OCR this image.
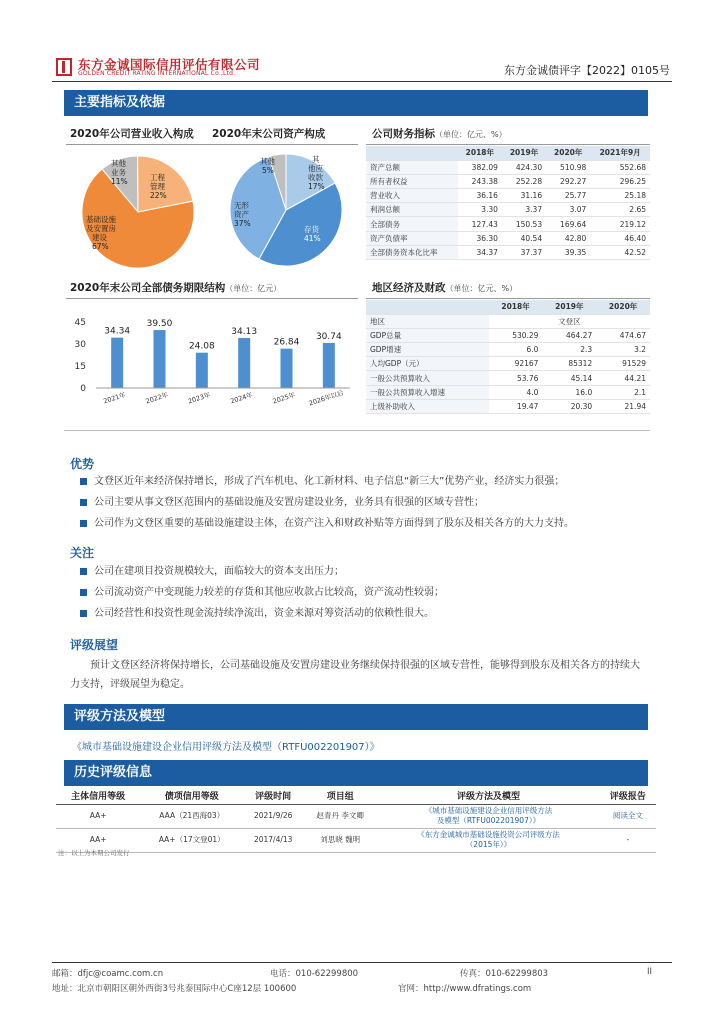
东方金诚国际信用评估有限公司
GOLDEN CREDIT RATING INTERNATIONAL Co.,Ltd.	东方金诚债评字【2022】0105号
主要指标及依据
2020年公司营业收入构成 2020年末公司资产构成
其他业务 11%	工程管理 22%
基础设施及安置房建设 67%
其他 5%
其他应收款 17%
存货 41%
无形资产 37%
2020年末公司全部债务期限结构（单位：亿元）
45
30
15
0
34.34
2021年
39.50
2022年
24.08
2023年
34.13
2024年
26.84
2025年
30.74
2026年以后
公司财务指标（单位：亿元、%）
	2018年	2019年	2020年	2021年9月
资产总额	382.09	424.30	510.98	552.68
所有者权益	243.38	252.28	292.27	296.25
营业收入	36.16	31.16	25.77	25.18
利润总额	3.30	3.37	3.07	2.65
全部债务	127.43	150.53	169.64	219.12
资产负债率	36.30	40.54	42.80	46.40
全部债务资本化比率	34.37	37.37	39.35	42.52
地区经济及财政（单位：亿元、%）
	2018年	2019年	2020年
地区	文登区		
GDP总量	530.29	464.27	474.67
GDP增速	6.0	2.3	3.2
人均GDP（元）	92167	85312	91529
一般公共预算收入	53.76	45.14	44.21
一般公共预算收入增速	4.0	16.0	2.1
上级补助收入	19.47	20.30	21.94
优势
文登区近年来经济保持增长，形成了汽车机电、化工新材料、电子信息“新三大”优势产业，经济实力很强；
公司主要从事文登区范围内的基础设施及安置房建设业务，业务具有很强的区域专营性；
公司作为文登区重要的基础设施建设主体，在资产注入和财政补贴等方面得到了股东及相关各方的大力支持。
关注
公司在建项目投资规模较大，面临较大的资本支出压力；
公司流动资产中变现能力较差的存货和其他应收款占比较高，资产流动性较弱；
公司经营性和投资性现金流持续净流出，资金来源对筹资活动的依赖性很大。
评级展望
预计文登区经济将保持增长，公司基础设施及安置房建设业务继续保持很强的区域专营性，能够得到股东及相关各方的持续大力支持，评级展望为稳定。
评级方法及模型
《城市基础设施建设企业信用评级方法及模型（RTFU002201907）》
历史评级信息
主体信用等级	债项信用等级	评级时间	项目组	评级方法及模型	评级报告
AA+	AAA（21西海03）	2021/9/26	赵青丹 李文卿	《城市基础设施建设企业信用评级方法
及模型（RTFU002201907）》	阅读全文
AA+	AA+（17文登01）	2017/4/13	刘思晓 魏明	《东方金诚城市基础设施投资公司评级方法
（2015年）》	-
注：以上为本期公司发行
邮箱：dfjc@coamc.com.cn	电话：010-62299800	传真：010-62299803	II
地址：北京市朝阳区朝外西街3号兆泰国际中心C座12层 100600	官网：http://www.dfratings.com
